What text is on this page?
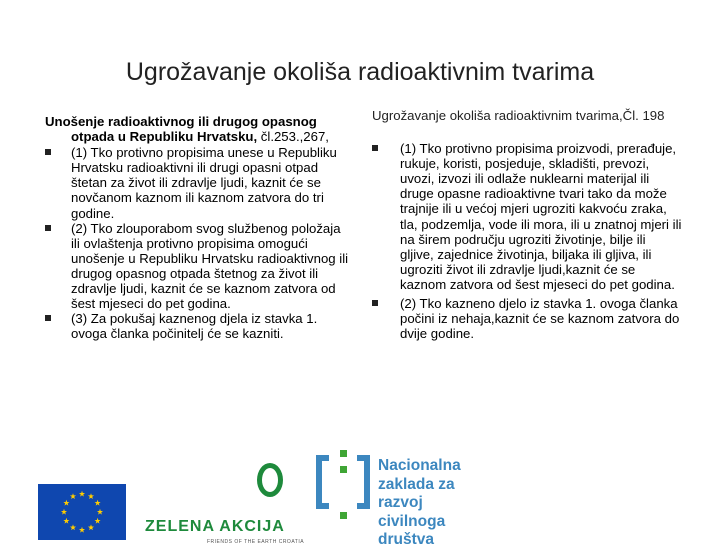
Ugrožavanje okoliša radioaktivnim tvarima
Unošenje radioaktivnog ili drugog opasnog otpada u Republiku Hrvatsku, čl.253.,267,
(1) Tko protivno propisima unese u Republiku Hrvatsku radioaktivni ili drugi opasni otpad štetan za život ili zdravlje ljudi, kaznit će se novčanom kaznom ili kaznom zatvora do tri godine.
(2) Tko zlouporabom svog službenog položaja ili ovlaštenja protivno propisima omogući unošenje u Republiku Hrvatsku radioaktivnog ili drugog opasnog otpada štetnog za život ili zdravlje ljudi, kaznit će se kaznom zatvora od šest mjeseci do pet godina.
(3) Za pokušaj kaznenog djela iz stavka 1. ovoga članka počinitelj će se kazniti.
Ugrožavanje okoliša radioaktivnim tvarima,Čl. 198
(1) Tko protivno propisima proizvodi, prerađuje, rukuje, koristi, posjeduje, skladišti, prevozi, uvozi, izvozi ili odlaže nuklearni materijal ili druge opasne radioaktivne tvari tako da može trajnije ili u većoj mjeri ugroziti kakvoću zraka, tla, podzemlja, vode ili mora, ili u znatnoj mjeri ili na širem području ugroziti životinje, bilje ili gljive, zajednice životinja, biljaka ili gljiva, ili ugroziti život ili zdravlje ljudi,kaznit će se kaznom zatvora od šest mjeseci do pet godina.
(2) Tko kazneno djelo iz stavka 1. ovoga članka počini iz nehaja,kaznit će se kaznom zatvora do dvije godine.
ZELENA AKCIJA
FRIENDS OF THE EARTH CROATIA
Nacionalna
zaklada za
razvoj
civilnoga
društva
